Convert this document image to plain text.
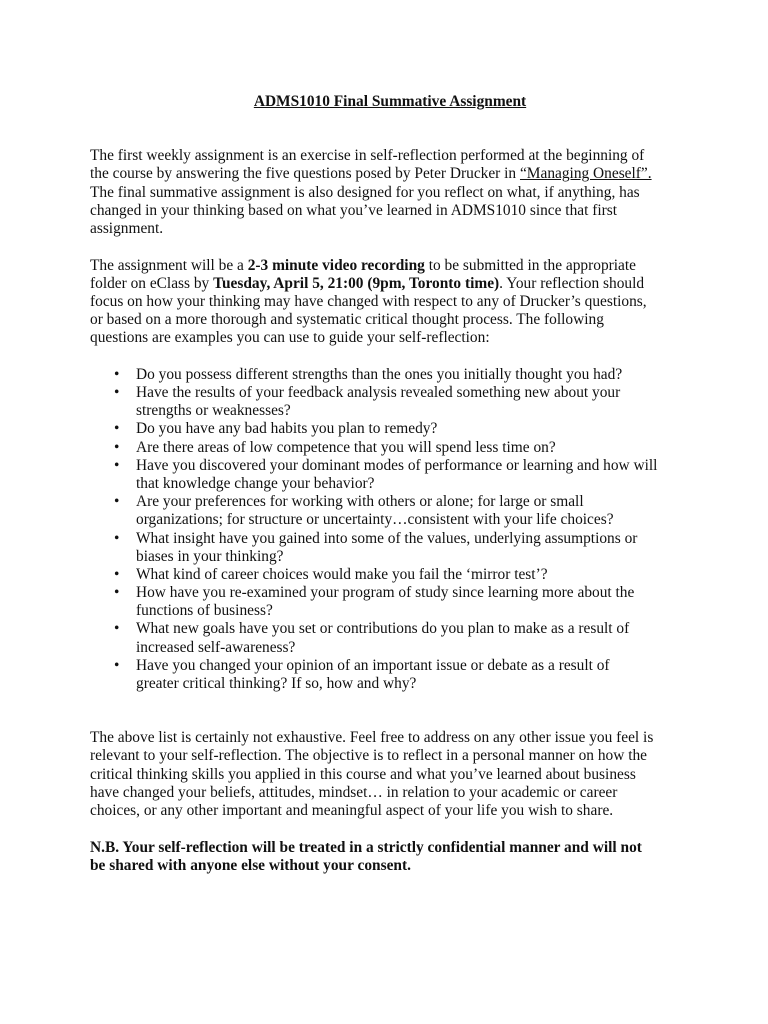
ADMS1010 Final Summative Assignment
The first weekly assignment is an exercise in self-reflection performed at the beginning of
the course by answering the five questions posed by Peter Drucker in “Managing Oneself”.
The final summative assignment is also designed for you reflect on what, if anything, has
changed in your thinking based on what you’ve learned in ADMS1010 since that first
assignment.
The assignment will be a 2-3 minute video recording to be submitted in the appropriate
folder on eClass by Tuesday, April 5, 21:00 (9pm, Toronto time). Your reflection should
focus on how your thinking may have changed with respect to any of Drucker’s questions,
or based on a more thorough and systematic critical thought process. The following
questions are examples you can use to guide your self-reflection:
• Do you possess different strengths than the ones you initially thought you had?
• Have the results of your feedback analysis revealed something new about your
strengths or weaknesses?
• Do you have any bad habits you plan to remedy?
• Are there areas of low competence that you will spend less time on?
• Have you discovered your dominant modes of performance or learning and how will
that knowledge change your behavior?
• Are your preferences for working with others or alone; for large or small
organizations; for structure or uncertainty…consistent with your life choices?
• What insight have you gained into some of the values, underlying assumptions or
biases in your thinking?
• What kind of career choices would make you fail the ‘mirror test’?
• How have you re-examined your program of study since learning more about the
functions of business?
• What new goals have you set or contributions do you plan to make as a result of
increased self-awareness?
• Have you changed your opinion of an important issue or debate as a result of
greater critical thinking? If so, how and why?
The above list is certainly not exhaustive. Feel free to address on any other issue you feel is
relevant to your self-reflection. The objective is to reflect in a personal manner on how the
critical thinking skills you applied in this course and what you’ve learned about business
have changed your beliefs, attitudes, mindset… in relation to your academic or career
choices, or any other important and meaningful aspect of your life you wish to share.
N.B. Your self-reflection will be treated in a strictly confidential manner and will not
be shared with anyone else without your consent.
